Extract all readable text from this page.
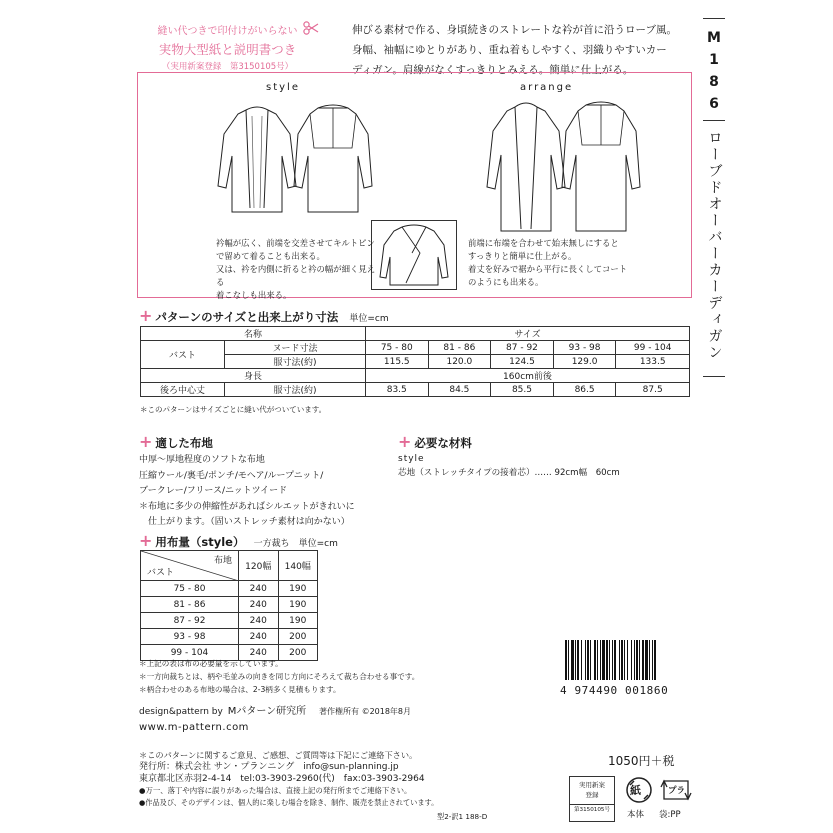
縫い代つきで印付けがいらない
実物大型紙と説明書つき
（実用新案登録　第3150105号）
伸びる素材で作る、身頃続きのストレートな衿が首に沿うローブ風。
身幅、袖幅にゆとりがあり、重ね着もしやすく、羽織りやすいカー
ディガン。肩線がなくすっきりとみえる。簡単に仕上がる。
M
1
8
6
ローブドオーバーカーディガン
style	arrange
衿幅が広く、前端を交差させてキルトピン
で留めて着ることも出来る。
又は、衿を内側に折ると衿の幅が細く見える
着こなしも出来る。
前端に布端を合わせて始末無しにすると
すっきりと簡単に仕上がる。
着丈を好みで裾から平行に長くしてコート
のようにも出来る。
+ パターンのサイズと出来上がり寸法 単位=cm
名称		サイズ				
バスト	ヌード寸法	75 - 80	81 - 86	87 - 92	93 - 98	99 - 104
	服寸法(約)	115.5	120.0	124.5	129.0	133.5
身長		160cm前後				
後ろ中心丈	服寸法(約)	83.5	84.5	85.5	86.5	87.5
＊このパターンはサイズごとに縫い代がついています。
+ 適した布地
中厚～厚地程度のソフトな布地
圧縮ウール/裏毛/ポンチ/モヘア/ループニット/
ブークレー/フリース/ニットツイード
＊布地に多少の伸縮性があればシルエットがきれいに
　仕上がります。（固いストレッチ素材は向かない）
+ 必要な材料
style
芯地（ストレッチタイプの接着芯）…… 92cm幅　60cm
+ 用布量（style） 一方裁ち　単位=cm
布地
バスト	120幅	140幅
75 - 80	240	190
81 - 86	240	190
87 - 92	240	190
93 - 98	240	200
99 - 104	240	200
＊上記の表は布の必要量を示しています。
＊一方向裁ちとは、柄や毛並みの向きを同じ方向にそろえて裁ち合わせる事です。
＊柄合わせのある布地の場合は、2-3柄多く見積もります。
design&pattern by Mパターン研究所 著作権所有 ©2018年8月
www.m-pattern.com
4 974490 001860
1050円＋税
＊このパターンに関するご意見、ご感想、ご質問等は下記にご連絡下さい。
発行所：株式会社 サン・プランニング　info@sun-planning.jp
東京都北区赤羽2-4-14　tel:03-3903-2960(代)　fax:03-3903-2964
●万一、落丁や内容に誤りがあった場合は、直接上記の発行所までご連絡下さい。
●作品及び、そのデザインは、個人的に楽しむ場合を除き、制作、販売を禁止されています。
型2-訳1 188-D
実用新案
登録
第3150105号
紙
本体
プラ
袋:PP
